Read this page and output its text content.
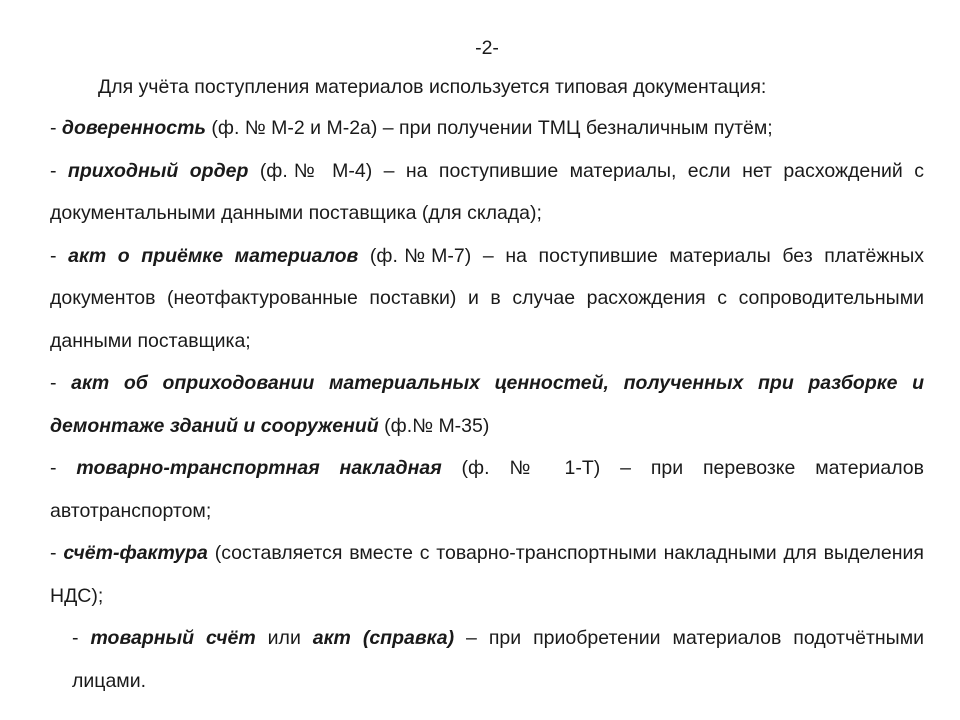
-2-

Для учёта поступления материалов используется типовая документация:

- доверенность (ф. № М-2 и М-2а) – при получении ТМЦ безналичным путём;

- приходный ордер (ф.№ М-4) – на поступившие материалы, если нет расхождений с документальными данными поставщика (для склада);

- акт о приёмке материалов (ф.№М-7) – на поступившие материалы без платёжных документов (неотфактурованные поставки) и в случае расхождения с сопроводительными данными поставщика;

- акт об оприходовании материальных ценностей, полученных при разборке и демонтаже зданий и сооружений (ф.№ М-35)

- товарно-транспортная накладная (ф. № 1-Т) – при перевозке материалов автотранспортом;

- счёт-фактура (составляется вместе с товарно-транспортными накладными для выделения НДС);

- товарный счёт или акт (справка) – при приобретении материалов подотчётными лицами.
